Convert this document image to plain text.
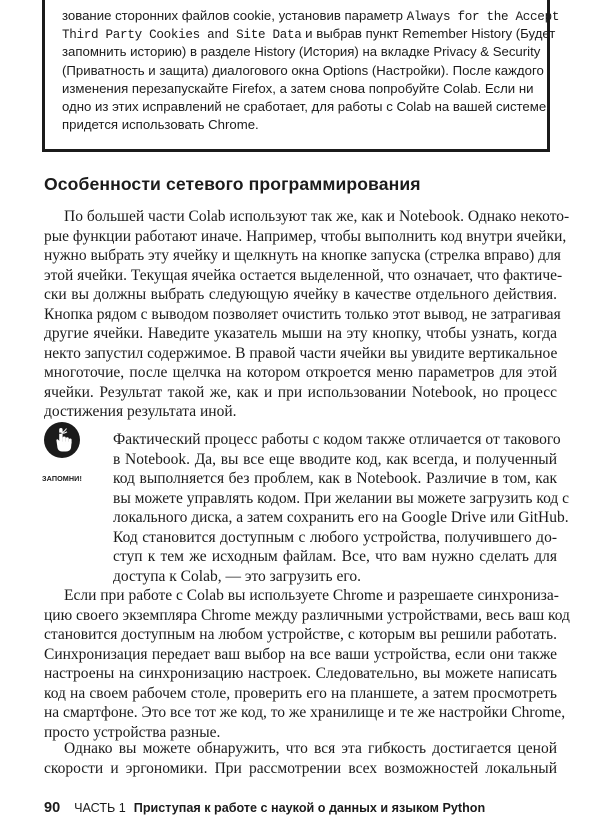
зование сторонних файлов cookie, установив параметр Always for the Accept
Third Party Cookies and Site Data и выбрав пункт Remember History (Будет
запомнить историю) в разделе History (История) на вкладке Privacy & Security
(Приватность и защита) диалогового окна Options (Настройки). После каждого
изменения перезапускайте Firefox, а затем снова попробуйте Colab. Если ни
одно из этих исправлений не сработает, для работы с Colab на вашей системе
придется использовать Chrome.
Особенности сетевого программирования
По большей части Colab используют так же, как и Notebook. Однако некото-
рые функции работают иначе. Например, чтобы выполнить код внутри ячейки,
нужно выбрать эту ячейку и щелкнуть на кнопке запуска (стрелка вправо) для
этой ячейки. Текущая ячейка остается выделенной, что означает, что фактиче-
ски вы должны выбрать следующую ячейку в качестве отдельного действия.
Кнопка рядом с выводом позволяет очистить только этот вывод, не затрагивая
другие ячейки. Наведите указатель мыши на эту кнопку, чтобы узнать, когда
некто запустил содержимое. В правой части ячейки вы увидите вертикальное
многоточие, после щелчка на котором откроется меню параметров для этой
ячейки. Результат такой же, как и при использовании Notebook, но процесс
достижения результата иной.
ЗАПОМНИ!
Фактический процесс работы с кодом также отличается от такового
в Notebook. Да, вы все еще вводите код, как всегда, и полученный
код выполняется без проблем, как в Notebook. Различие в том, как
вы можете управлять кодом. При желании вы можете загрузить код с
локального диска, а затем сохранить его на Google Drive или GitHub.
Код становится доступным с любого устройства, получившего до-
ступ к тем же исходным файлам. Все, что вам нужно сделать для
доступа к Colab, — это загрузить его.
Если при работе с Colab вы используете Chrome и разрешаете синхронизa-
цию своего экземпляра Chrome между различными устройствами, весь ваш код
становится доступным на любом устройстве, с которым вы решили работать.
Синхронизация передает ваш выбор на все ваши устройства, если они также
настроены на синхронизацию настроек. Следовательно, вы можете написать
код на своем рабочем столе, проверить его на планшете, а затем просмотреть
на смартфоне. Это все тот же код, то же хранилище и те же настройки Chrome,
просто устройства разные.
Однако вы можете обнаружить, что вся эта гибкость достигается ценой
скорости и эргономики. При рассмотрении всех возможностей локальный
90 ЧАСТЬ 1 Приступая к работе с наукой о данных и языком Python
